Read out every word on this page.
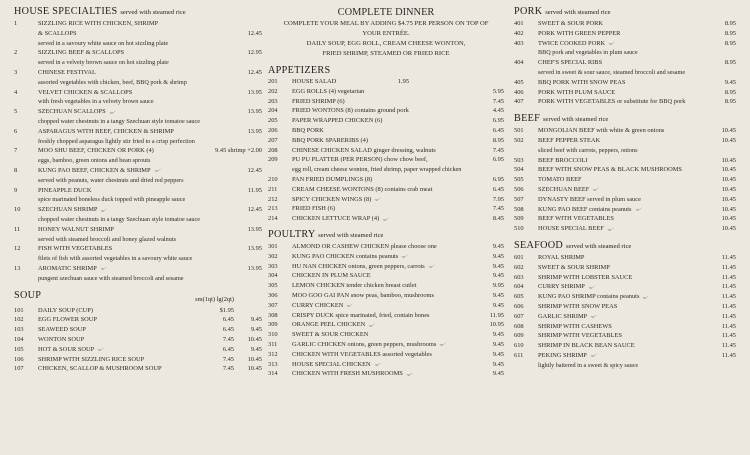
HOUSE SPECIALTIES served with steamed rice
1	SIZZLING RICE WITH CHICKEN, SHRIMP
& SCALLOPS	12.45
served in a savoury white sauce on hot sizzling plate
2	SIZZLING BEEF & SCALLOPS	12.95
served in a velvety brown sauce on hot sizzling plate
3	CHINESE FESTIVAL	12.45
assorted vegetables with chicken, beef, BBQ pork & shrimp
4	VELVET CHICKEN & SCALLOPS	13.95
with fresh vegetables in a velvety brown sauce
5	SZECHUAN SCALLOPS	13.95
chopped water chestnuts in a tangy Szechuan style tomatoe sauce
6	ASPARAGUS WITH BEEF, CHICKEN & SHRIMP	13.95
freshly chopped asparagus lightly stir fried to a crisp perfection
7	MOO SHU BEEF, CHICKEN OR PORK (4)	9.45 shrimp +2.00
eggs, bamboo, green onions and bean sprouts
8	KUNG PAO BEEF, CHICKEN & SHRIMP	12.45
served with peanuts, water chestnuts and dried red peppers
9	PINEAPPLE DUCK	11.95
spice marinated boneless duck topped with pineapple sauce
10	SZECHUAN SHRIMP	12.45
chopped water chestnuts in a tangy Szechuan style tomatoe sauce
11	HONEY WALNUT SHRIMP	13.95
served with steamed broccoli and honey glazed walnuts
12	FISH WITH VEGETABLES	13.95
filets of fish with assorted vegetables in a savoury white sauce
13	AROMATIC SHRIMP	13.95
pungent szechuan sauce with steamed broccoli and sesame
SOUP	sm(1qt) lg(2qt)
101	DAILY SOUP (CUP)	$1.95
102	EGG FLOWER SOUP	6.45	9.45
103	SEAWEED SOUP	6.45	9.45
104	WONTON SOUP	7.45	10.45
105	HOT & SOUR SOUP	6.45	9.45
106	SHRIMP WITH SIZZLING RICE SOUP	7.45	10.45
107	CHICKEN, SCALLOP & MUSHROOM SOUP	7.45	10.45
COMPLETE DINNER
COMPLETE YOUR MEAL BY ADDING $4.75 PER PERSON ON TOP OF
YOUR ENTRÉE.
DAILY SOUP, EGG ROLL, CREAM CHEESE WONTON,
FRIED SHRIMP, STEAMED OR FRIED RICE
APPETIZERS
201	HOUSE SALAD	1.95
202	EGG ROLLS (4) vegetarian	5.95
203	FRIED SHRIMP (6)	7.45
204	FRIED WONTONS (8) contains ground pork	4.45
205	PAPER WRAPPED CHICKEN (6)	6.95
206	BBQ PORK	6.45
207	BBQ PORK SPARERIBS (4)	8.95
208	CHINESE CHICKEN SALAD ginger dressing, walnuts	7.45
209	PU PU PLATTER (PER PERSON) chow chow beef,	6.95
egg roll, cream cheese wonton, fried shrimp, paper wrapped chicken
210	PAN FRIED DUMPLINGS (8)	6.95
211	CREAM CHEESE WONTONS (8) contains crab meat	6.45
212	SPICY CHICKEN WINGS (8)	7.95
213	FRIED FISH (6)	7.45
214	CHICKEN LETTUCE WRAP (4)	8.45
POULTRY served with steamed rice
301	ALMOND OR CASHEW CHICKEN please choose one	9.45
302	KUNG PAO CHICKEN contains peanuts	9.45
303	HU NAN CHICKEN onions, green peppers, carrots	9.45
304	CHICKEN IN PLUM SAUCE	9.45
305	LEMON CHICKEN tender chicken breast cutlet	9.95
306	MOO GOO GAI PAN snow peas, bamboo, mushrooms	9.45
307	CURRY CHICKEN	9.45
308	CRISPY DUCK spice marinated, fried, contain bones	11.95
309	ORANGE PEEL CHICKEN	10.95
310	SWEET & SOUR CHICKEN	9.45
311	GARLIC CHICKEN onions, green peppers, mushrooms	9.45
312	CHICKEN WITH VEGETABLES assorted vegetables	9.45
313	HOUSE SPECIAL CHICKEN	9.45
314	CHICKEN WITH FRESH MUSHROOMS	9.45
PORK served with steamed rice
401	SWEET & SOUR PORK	8.95
402	PORK WITH GREEN PEPPER	8.95
403	TWICE COOKED PORK	8.95
BBQ pork and vegetables in plum sauce
404	CHEF'S SPECIAL RIBS	8.95
served in sweet & sour sauce, steamed broccoli and sesame
405	BBQ PORK WITH SNOW PEAS	9.45
406	PORK WITH PLUM SAUCE	8.95
407	PORK WITH VEGETABLES or substitute for BBQ pork	8.95
BEEF served with steamed rice
501	MONGOLIAN BEEF with white & green onions	10.45
502	BEEF PEPPER STEAK	10.45
sliced beef with carrots, peppers, onions
503	BEEF BROCCOLI	10.45
504	BEEF WITH SNOW PEAS & BLACK MUSHROOMS	10.45
505	TOMATO BEEF	10.45
506	SZECHUAN BEEF	10.45
507	DYNASTY BEEF served in plum sauce	10.45
508	KUNG PAO BEEF contains peanuts	10.45
509	BEEF WITH VEGETABLES	10.45
510	HOUSE SPECIAL BEEF	10.45
SEAFOOD served with steamed rice
601	ROYAL SHRIMP	11.45
602	SWEET & SOUR SHRIMP	11.45
603	SHRIMP WITH LOBSTER SAUCE	11.45
604	CURRY SHRIMP	11.45
605	KUNG PAO SHRIMP contains peanuts	11.45
606	SHRIMP WITH SNOW PEAS	11.45
607	GARLIC SHRIMP	11.45
608	SHRIMP WITH CASHEWS	11.45
609	SHRIMP WITH VEGETABLES	11.45
610	SHRIMP IN BLACK BEAN SAUCE	11.45
611	PEKING SHRIMP	11.45
lightly battered in a sweet & spicy sauce
